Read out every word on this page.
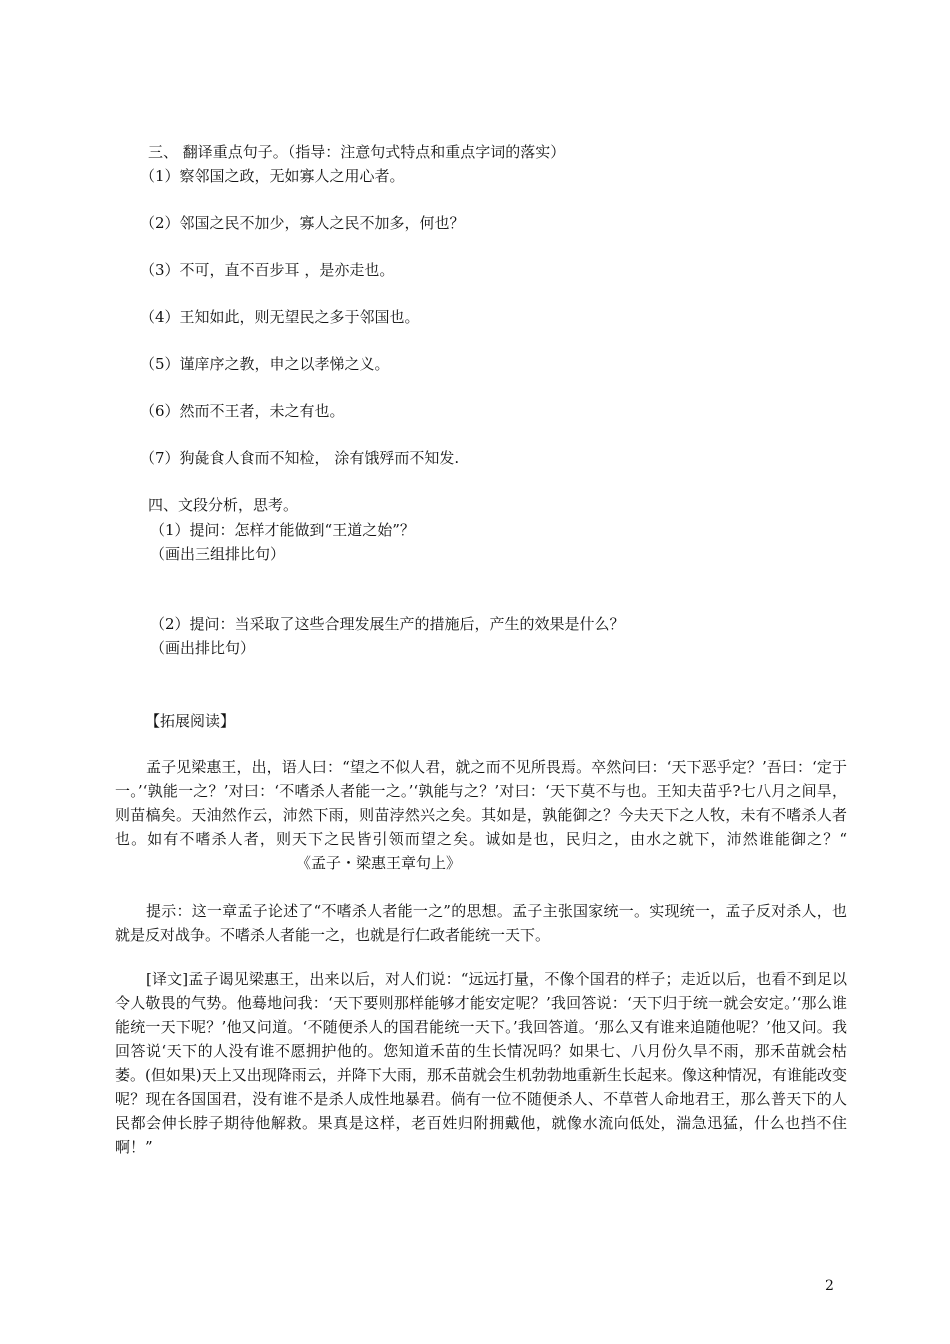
三、 翻译重点句子。（指导：注意句式特点和重点字词的落实）
（1）察邻国之政，无如寡人之用心者。
（2）邻国之民不加少，寡人之民不加多，何也？
（3）不可，直不百步耳 ，是亦走也。
（4）王知如此，则无望民之多于邻国也。
（5）谨庠序之教，申之以孝悌之义。
（6）然而不王者，未之有也。
（7）狗彘食人食而不知检， 涂有饿殍而不知发.
四、文段分析，思考。
（1）提问：怎样才能做到“王道之始”？
（画出三组排比句）
（2）提问：当采取了这些合理发展生产的措施后，产生的效果是什么？
（画出排比句）
【拓展阅读】
孟子见梁惠王，出，语人曰：“望之不似人君，就之而不见所畏焉。卒然问曰：‘天下恶乎定？’吾曰：‘定于一。’‘孰能一之？’对曰：‘不嗜杀人者能一之。’‘孰能与之？’对曰：‘天下莫不与也。王知夫苗乎?七八月之间旱，则苗槁矣。天油然作云，沛然下雨，则苗浡然兴之矣。其如是，孰能御之？今夫天下之人牧，未有不嗜杀人者也。如有不嗜杀人者，则天下之民皆引领而望之矣。诚如是也，民归之，由水之就下，沛然谁能御之？“《孟子・梁惠王章句上》
提示：这一章孟子论述了“不嗜杀人者能一之”的思想。孟子主张国家统一。实现统一，孟子反对杀人，也就是反对战争。不嗜杀人者能一之，也就是行仁政者能统一天下。
[译文]孟子谒见梁惠王，出来以后，对人们说：“远远打量，不像个国君的样子；走近以后，也看不到足以令人敬畏的气势。他蓦地问我：‘天下要则那样能够才能安定呢？’我回答说：‘天下归于统一就会安定。’‘那么谁能统一天下呢？’他又问道。‘不随便杀人的国君能统一天下。’我回答道。‘那么又有谁来追随他呢？’他又问。我回答说‘天下的人没有谁不愿拥护他的。您知道禾苗的生长情况吗？如果七、八月份久旱不雨，那禾苗就会枯萎。(但如果)天上又出现降雨云，并降下大雨，那禾苗就会生机勃勃地重新生长起来。像这种情况，有谁能改变呢？现在各国国君，没有谁不是杀人成性地暴君。倘有一位不随便杀人、不草菅人命地君王，那么普天下的人民都会伸长脖子期待他解救。果真是这样，老百姓归附拥戴他，就像水流向低处，湍急迅猛，什么也挡不住啊！”
2
